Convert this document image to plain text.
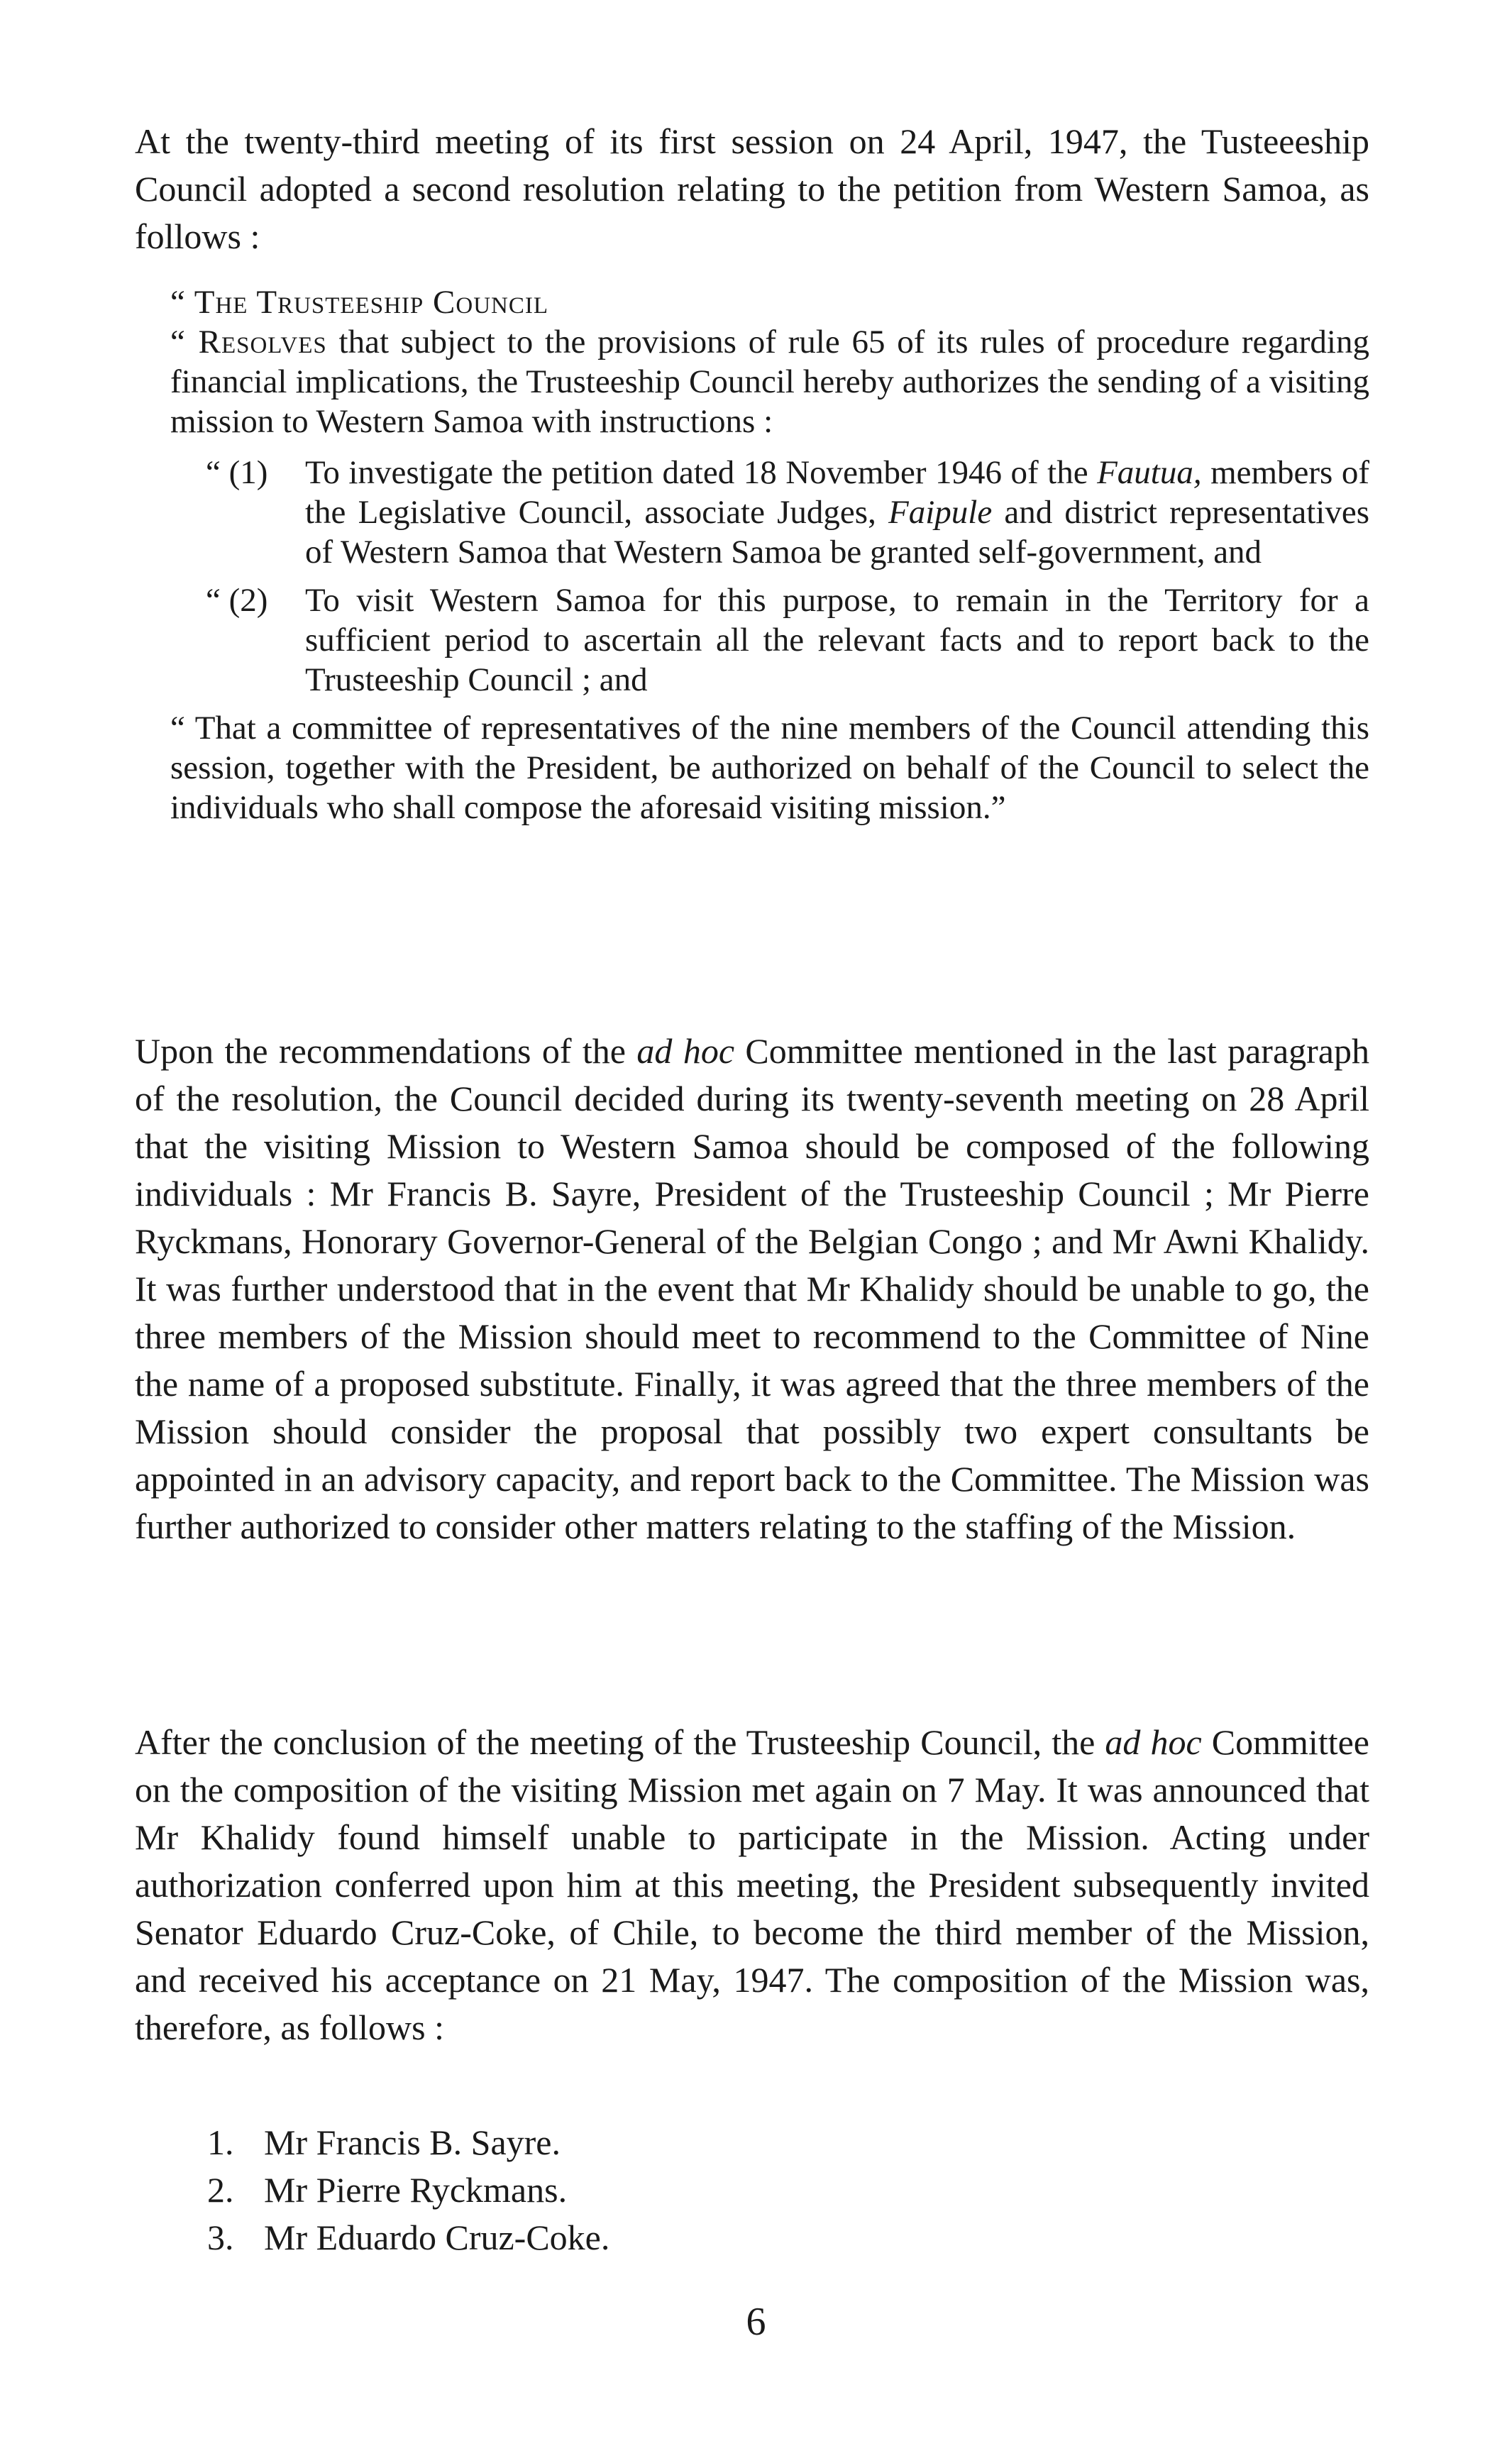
At the twenty-third meeting of its first session on 24 April, 1947, the Tusteeeship Council adopted a second resolution relating to the petition from Western Samoa, as follows :

“ The Trusteeship Council

“ Resolves that subject to the provisions of rule 65 of its rules of procedure regarding financial implications, the Trusteeship Council hereby authorizes the sending of a visiting mission to Western Samoa with instructions :

“ (1) To investigate the petition dated 18 November 1946 of the Fautua, members of the Legislative Council, associate Judges, Faipule and district representatives of Western Samoa that Western Samoa be granted self-government, and

“ (2) To visit Western Samoa for this purpose, to remain in the Territory for a sufficient period to ascertain all the relevant facts and to report back to the Trusteeship Council ; and

“ That a committee of representatives of the nine members of the Council attending this session, together with the President, be authorized on behalf of the Council to select the individuals who shall compose the aforesaid visiting mission.”

Upon the recommendations of the ad hoc Committee mentioned in the last paragraph of the resolution, the Council decided during its twenty-seventh meeting on 28 April that the visiting Mission to Western Samoa should be composed of the following individuals : Mr Francis B. Sayre, President of the Trusteeship Council ; Mr Pierre Ryckmans, Honorary Governor-General of the Belgian Congo ; and Mr Awni Khalidy. It was further understood that in the event that Mr Khalidy should be unable to go, the three members of the Mission should meet to recommend to the Committee of Nine the name of a proposed substitute. Finally, it was agreed that the three members of the Mission should consider the proposal that possibly two expert consultants be appointed in an advisory capacity, and report back to the Committee. The Mission was further authorized to consider other matters relating to the staffing of the Mission.

After the conclusion of the meeting of the Trusteeship Council, the ad hoc Committee on the composition of the visiting Mission met again on 7 May. It was announced that Mr Khalidy found himself unable to participate in the Mission. Acting under authorization conferred upon him at this meeting, the President subsequently invited Senator Eduardo Cruz-Coke, of Chile, to become the third member of the Mission, and received his acceptance on 21 May, 1947. The composition of the Mission was, therefore, as follows :

1. Mr Francis B. Sayre.
2. Mr Pierre Ryckmans.
3. Mr Eduardo Cruz-Coke.
6
